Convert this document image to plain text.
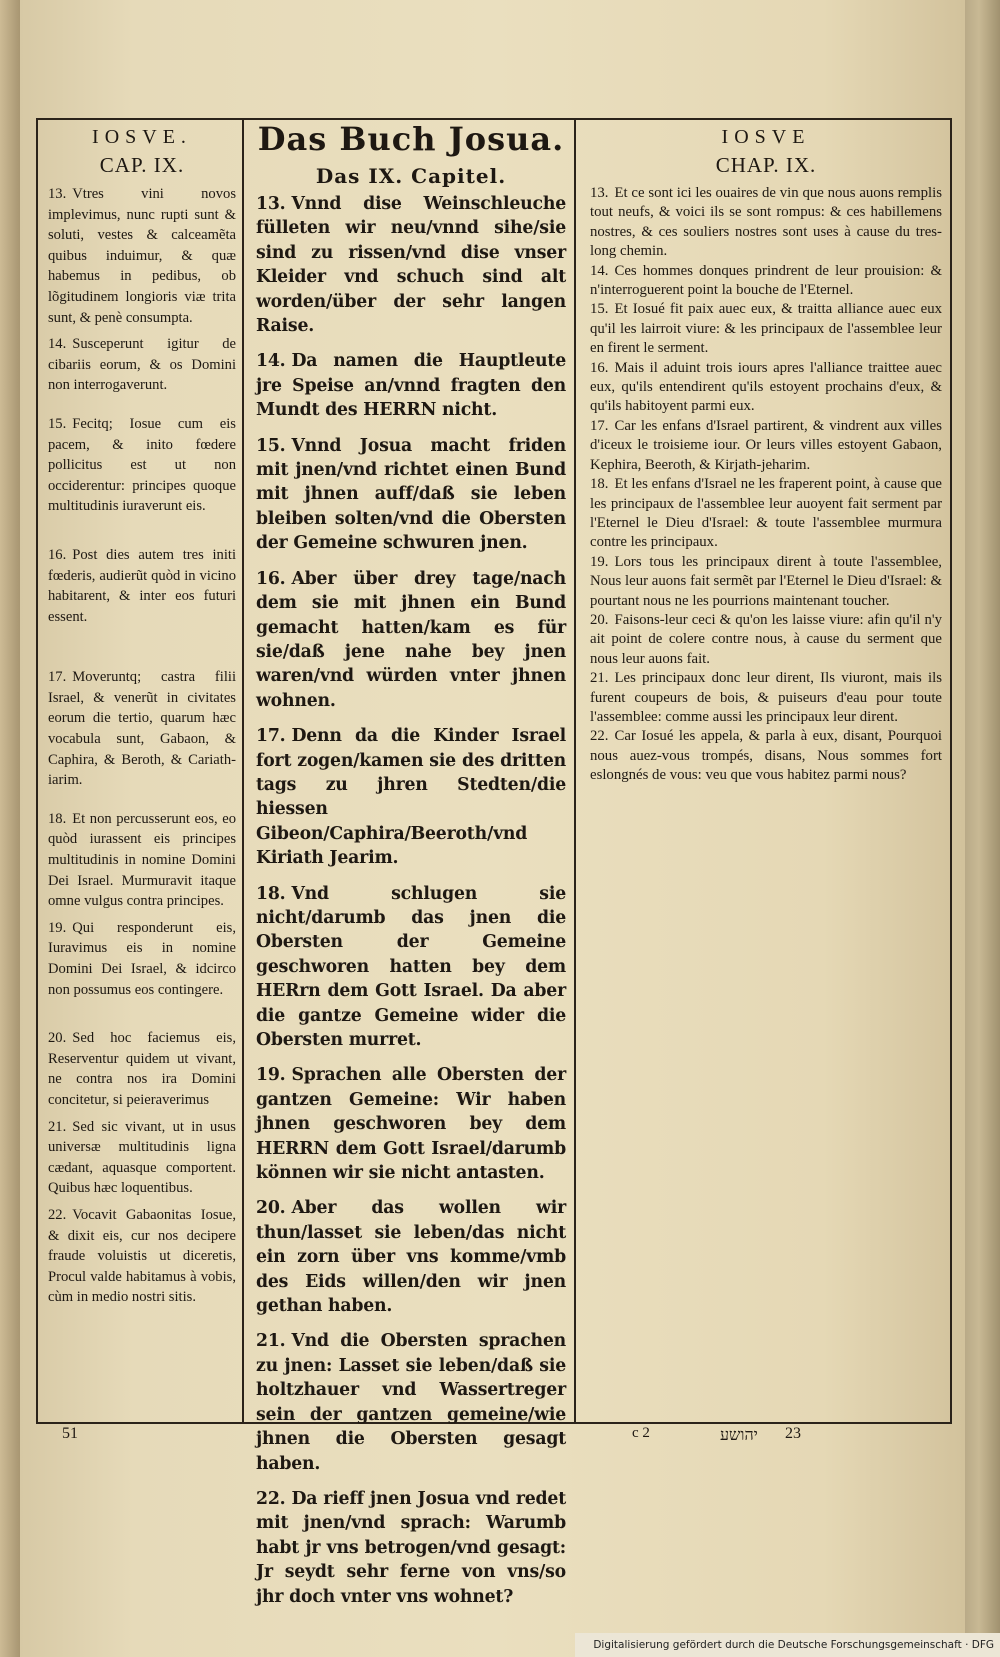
IOSVE.
CAP. IX.

13. Vtres vini novos implevimus, nunc rupti sunt & soluti, vestes & calceamẽta quibus induimur, & quæ habemus in pedibus, ob lõgitudinem longioris viæ trita sunt, & penè consumpta.

14. Susceperunt igitur de cibariis eorum, & os Domini non interrogaverunt.

15. Fecitq; Iosue cum eis pacem, & inito fœdere pollicitus est ut non occiderentur: principes quoque multitudinis iuraverunt eis.

16. Post dies autem tres initi fœderis, audierũt quòd in vicino habitarent, & inter eos futuri essent.

17. Moveruntq; castra filii Israel, & venerũt in civitates eorum die tertio, quarum hæc vocabula sunt, Gabaon, & Caphira, & Beroth, & Cariath-iarim.

18. Et non percusserunt eos, eo quòd iurassent eis principes multitudinis in nomine Domini Dei Israel. Murmuravit itaque omne vulgus contra principes.

19. Qui responderunt eis, Iuravimus eis in nomine Domini Dei Israel, & idcirco non possumus eos contingere.

20. Sed hoc faciemus eis, Reserventur quidem ut vivant, ne contra nos ira Domini concitetur, si peieraverimus

21. Sed sic vivant, ut in usus universæ multitudinis ligna cædant, aquasque comportent. Quibus hæc loquentibus.

22. Vocavit Gabaonitas Iosue, & dixit eis, cur nos decipere fraude voluistis ut diceretis, Procul valde habitamus à vobis, cùm in medio nostri sitis.

Das Buch Josua.
Das IX. Capitel.

13. Vnnd dise Weinschleuche fülleten wir neu/vnnd sihe/sie sind zu rissen/vnd dise vnser Kleider vnd schuch sind alt worden/über der sehr langen Raise.

14. Da namen die Hauptleute jre Speise an/vnnd fragten den Mundt des HERRN nicht.

15. Vnnd Josua macht friden mit jnen/vnd richtet einen Bund mit jhnen auff/daß sie leben bleiben solten/vnd die Obersten der Gemeine schwuren jnen.

16. Aber über drey tage/nach dem sie mit jhnen ein Bund gemacht hatten/kam es für sie/daß jene nahe bey jnen waren/vnd würden vnter jhnen wohnen.

17. Denn da die Kinder Israel fort zogen/kamen sie des dritten tags zu jhren Stedten/die hiessen Gibeon/Caphira/Beeroth/vnd Kiriath Jearim.

18. Vnd schlugen sie nicht/darumb das jnen die Obersten der Gemeine geschworen hatten bey dem HERrn dem Gott Israel. Da aber die gantze Gemeine wider die Obersten murret.

19. Sprachen alle Obersten der gantzen Gemeine: Wir haben jhnen geschworen bey dem HERRN dem Gott Israel/darumb können wir sie nicht antasten.

20. Aber das wollen wir thun/lasset sie leben/das nicht ein zorn über vns komme/vmb des Eids willen/den wir jnen gethan haben.

21. Vnd die Obersten sprachen zu jnen: Lasset sie leben/daß sie holtzhauer vnd Wassertreger sein der gantzen gemeine/wie jhnen die Obersten gesagt haben.

22. Da rieff jnen Josua vnd redet mit jnen/vnd sprach: Warumb habt jr vns betrogen/vnd gesagt: Jr seydt sehr ferne von vns/so jhr doch vnter vns wohnet?

IOSVE
CHAP. IX.

13. Et ce sont ici les ouaires de vin que nous auons remplis tout neufs, & voici ils se sont rompus: & ces habillemens nostres, & ces souliers nostres sont uses à cause du tres-long chemin.

14. Ces hommes donques prindrent de leur prouision: & n'interroguerent point la bouche de l'Eternel.

15. Et Iosué fit paix auec eux, & traitta alliance auec eux qu'il les lairroit viure: & les principaux de l'assemblee leur en firent le serment.

16. Mais il aduint trois iours apres l'alliance traittee auec eux, qu'ils entendirent qu'ils estoyent prochains d'eux, & qu'ils habitoyent parmi eux.

17. Car les enfans d'Israel partirent, & vindrent aux villes d'iceux le troisieme iour. Or leurs villes estoyent Gabaon, Kephira, Beeroth, & Kirjath-jeharim.

18. Et les enfans d'Israel ne les fraperent point, à cause que les principaux de l'assemblee leur auoyent fait serment par l'Eternel le Dieu d'Israel: & toute l'assemblee murmura contre les principaux.

19. Lors tous les principaux dirent à toute l'assemblee, Nous leur auons fait sermẽt par l'Eternel le Dieu d'Israel: & pourtant nous ne les pourrions maintenant toucher.

20. Faisons-leur ceci & qu'on les laisse viure: afin qu'il n'y ait point de colere contre nous, à cause du serment que nous leur auons fait.

21. Les principaux donc leur dirent, Ils viuront, mais ils furent coupeurs de bois, & puiseurs d'eau pour toute l'assemblee: comme aussi les principaux leur dirent.

22. Car Iosué les appela, & parla à eux, disant, Pourquoi nous auez-vous trompés, disans, Nous sommes fort eslongnés de vous: veu que vous habitez parmi nous?

51	c 2	יהושע 23
Digitalisierung gefördert durch die Deutsche Forschungsgemeinschaft · DFG
